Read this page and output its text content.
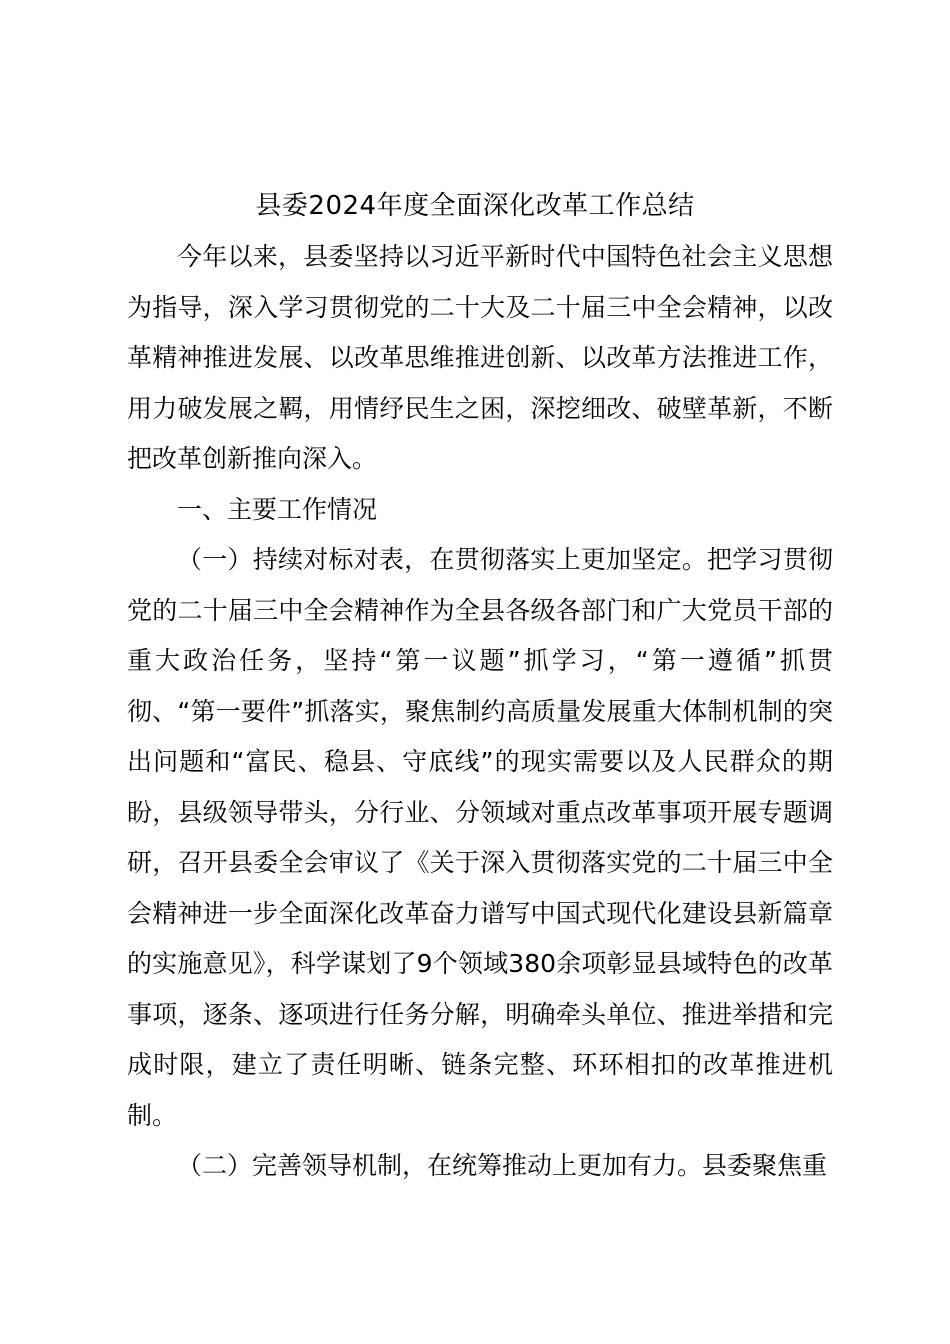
县委2024年度全面深化改革工作总结

今年以来，县委坚持以习近平新时代中国特色社会主义思想为指导，深入学习贯彻党的二十大及二十届三中全会精神，以改革精神推进发展、以改革思维推进创新、以改革方法推进工作，用力破发展之羁，用情纾民生之困，深挖细改、破壁革新，不断把改革创新推向深入。

一、主要工作情况

（一）持续对标对表，在贯彻落实上更加坚定。把学习贯彻党的二十届三中全会精神作为全县各级各部门和广大党员干部的重大政治任务，坚持“第一议题”抓学习，“第一遵循”抓贯彻、“第一要件”抓落实，聚焦制约高质量发展重大体制机制的突出问题和“富民、稳县、守底线”的现实需要以及人民群众的期盼，县级领导带头，分行业、分领域对重点改革事项开展专题调研，召开县委全会审议了《关于深入贯彻落实党的二十届三中全会精神进一步全面深化改革奋力谱写中国式现代化建设县新篇章的实施意见》，科学谋划了9个领域380余项彰显县域特色的改革事项，逐条、逐项进行任务分解，明确牵头单位、推进举措和完成时限，建立了责任明晰、链条完整、环环相扣的改革推进机制。

（二）完善领导机制，在统筹推动上更加有力。县委聚焦重
